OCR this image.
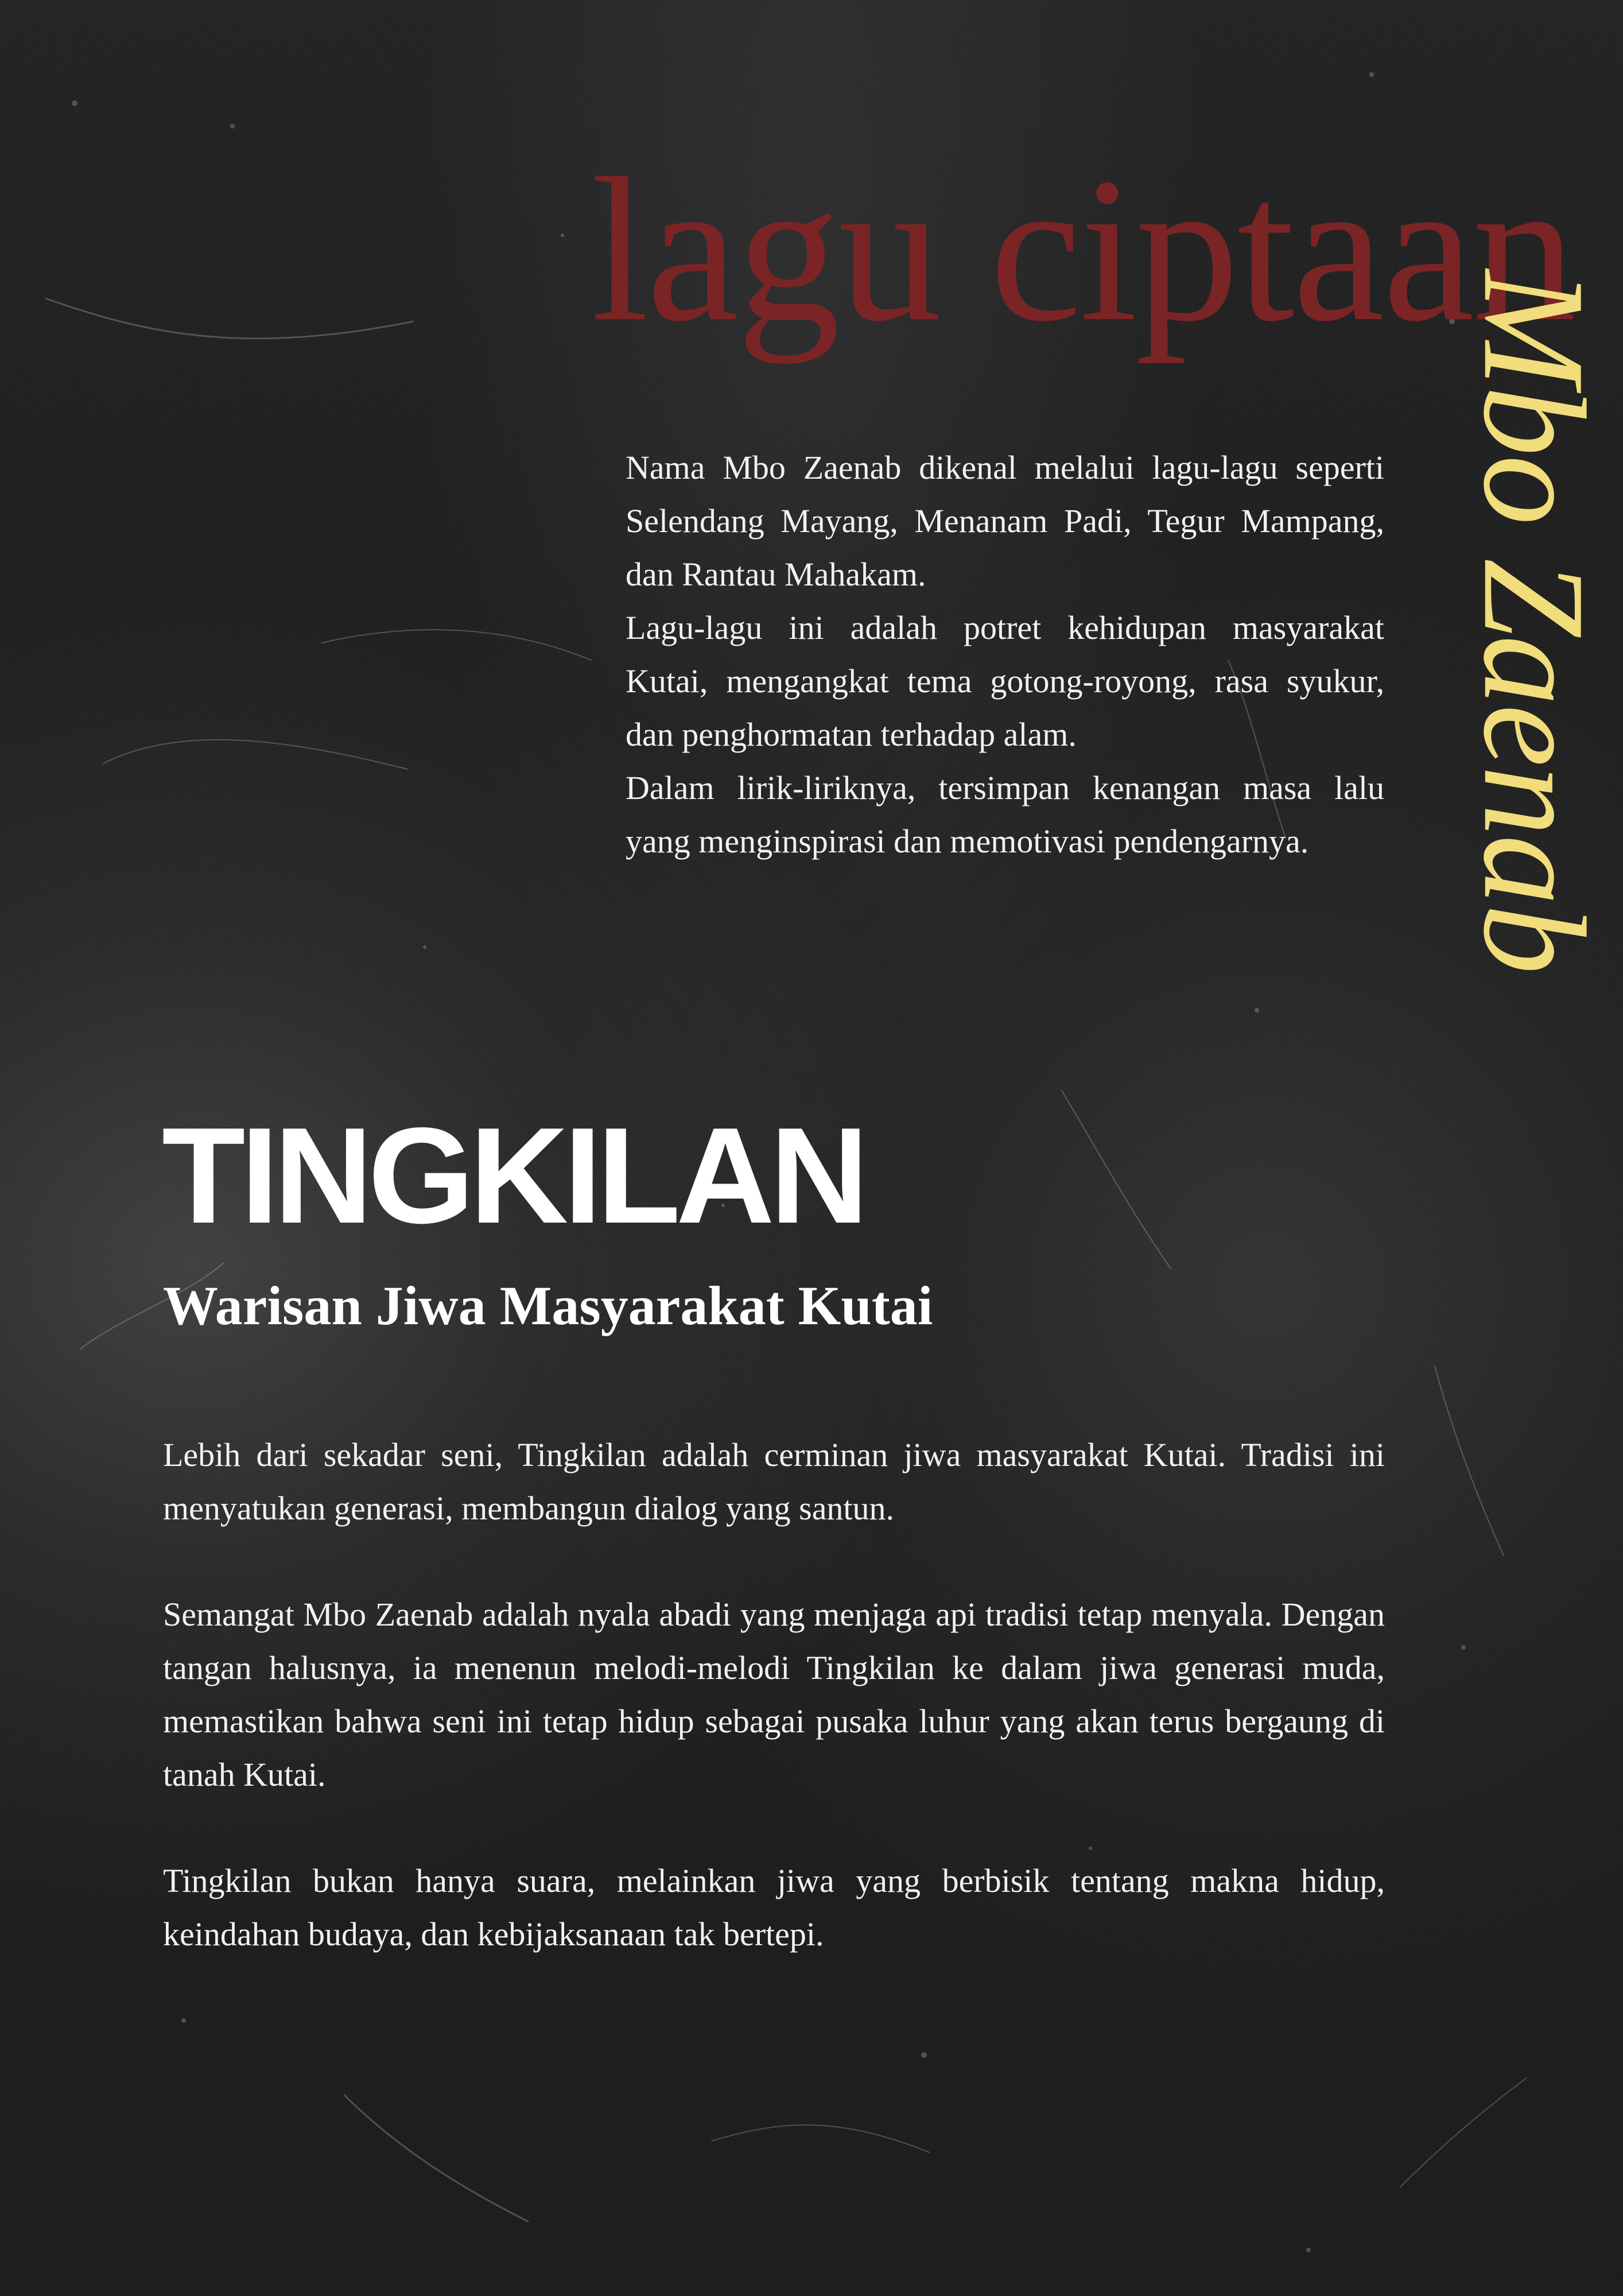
lagu ciptaan
Mbo Zaenab

Nama Mbo Zaenab dikenal melalui lagu-lagu seperti Selendang Mayang, Menanam Padi, Tegur Mampang, dan Rantau Mahakam.

Lagu-lagu ini adalah potret kehidupan masyarakat Kutai, mengangkat tema gotong-royong, rasa syukur, dan penghormatan terhadap alam.

Dalam lirik-liriknya, tersimpan kenangan masa lalu yang menginspirasi dan memotivasi pendengarnya.

TINGKILAN
Warisan Jiwa Masyarakat Kutai

Lebih dari sekadar seni, Tingkilan adalah cerminan jiwa masyarakat Kutai. Tradisi ini menyatukan generasi, membangun dialog yang santun.

Semangat Mbo Zaenab adalah nyala abadi yang menjaga api tradisi tetap menyala. Dengan tangan halusnya, ia menenun melodi-melodi Tingkilan ke dalam jiwa generasi muda, memastikan bahwa seni ini tetap hidup sebagai pusaka luhur yang akan terus bergaung di tanah Kutai.

Tingkilan bukan hanya suara, melainkan jiwa yang berbisik tentang makna hidup, keindahan budaya, dan kebijaksanaan tak bertepi.
